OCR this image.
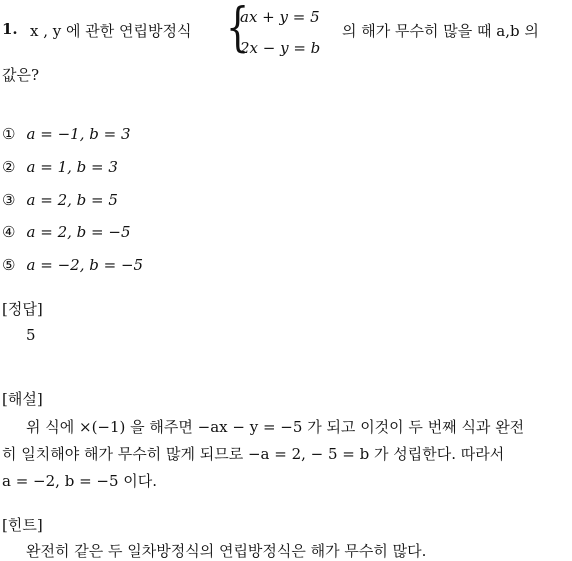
1. x , y 에 관한 연립방정식 {
ax + y = 5
2x − y = b
의 해가 무수히 많을 때 a,b 의
값은?
① a = −1, b = 3
② a = 1, b = 3
③ a = 2, b = 5
④ a = 2, b = −5
⑤ a = −2, b = −5
[정답]
5
[해설]
위 식에 ×(−1) 을 해주면 −ax − y = −5 가 되고 이것이 두 번째 식과 완전
히 일치해야 해가 무수히 많게 되므로 −a = 2, − 5 = b 가 성립한다. 따라서
a = −2, b = −5 이다.
[힌트]
완전히 같은 두 일차방정식의 연립방정식은 해가 무수히 많다.
